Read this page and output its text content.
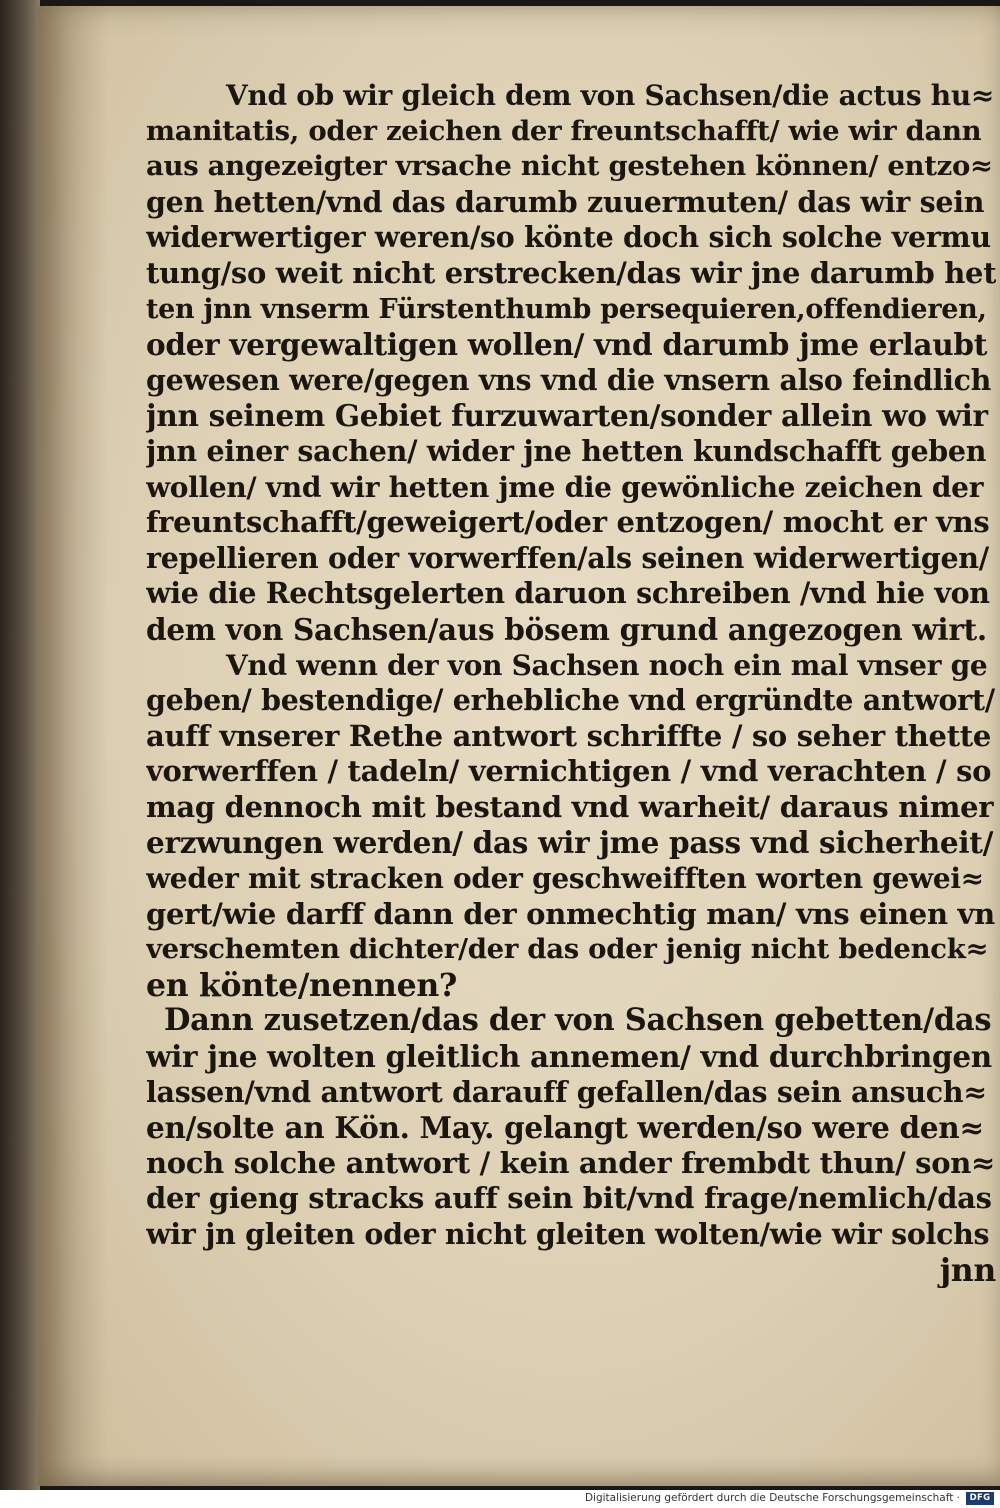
Vnd ob wir gleich dem von Sachsen/die actus hu≈
manitatis, oder zeichen der freuntschafft/ wie wir dann
aus angezeigter vrsache nicht gestehen können/ entzo≈
gen hetten/vnd das darumb zuuermuten/ das wir sein
widerwertiger weren/so könte doch sich solche vermu
tung/so weit nicht erstrecken/das wir jne darumb het
ten jnn vnserm Fürstenthumb persequieren,offendieren,
oder vergewaltigen wollen/ vnd darumb jme erlaubt
gewesen were/gegen vns vnd die vnsern also feindlich
jnn seinem Gebiet furzuwarten/sonder allein wo wir
jnn einer sachen/ wider jne hetten kundschafft geben
wollen/ vnd wir hetten jme die gewönliche zeichen der
freuntschafft/geweigert/oder entzogen/ mocht er vns
repellieren oder vorwerffen/als seinen widerwertigen/
wie die Rechtsgelerten daruon schreiben /vnd hie von
dem von Sachsen/aus bösem grund angezogen wirt.
Vnd wenn der von Sachsen noch ein mal vnser ge
geben/ bestendige/ erhebliche vnd ergründte antwort/
auff vnserer Rethe antwort schriffte / so seher thette
vorwerffen / tadeln/ vernichtigen / vnd verachten / so
mag dennoch mit bestand vnd warheit/ daraus nimer
erzwungen werden/ das wir jme pass vnd sicherheit/
weder mit stracken oder geschweifften worten gewei≈
gert/wie darff dann der onmechtig man/ vns einen vn
verschemten dichter/der das oder jenig nicht bedenck≈
en könte/nennen?
Dann zusetzen/das der von Sachsen gebetten/das
wir jne wolten gleitlich annemen/ vnd durchbringen
lassen/vnd antwort darauff gefallen/das sein ansuch≈
en/solte an Kön. May. gelangt werden/so were den≈
noch solche antwort / kein ander frembdt thun/ son≈
der gieng stracks auff sein bit/vnd frage/nemlich/das
wir jn gleiten oder nicht gleiten wolten/wie wir solchs
jnn
Digitalisierung gefördert durch die Deutsche Forschungsgemeinschaft ·	DFG
